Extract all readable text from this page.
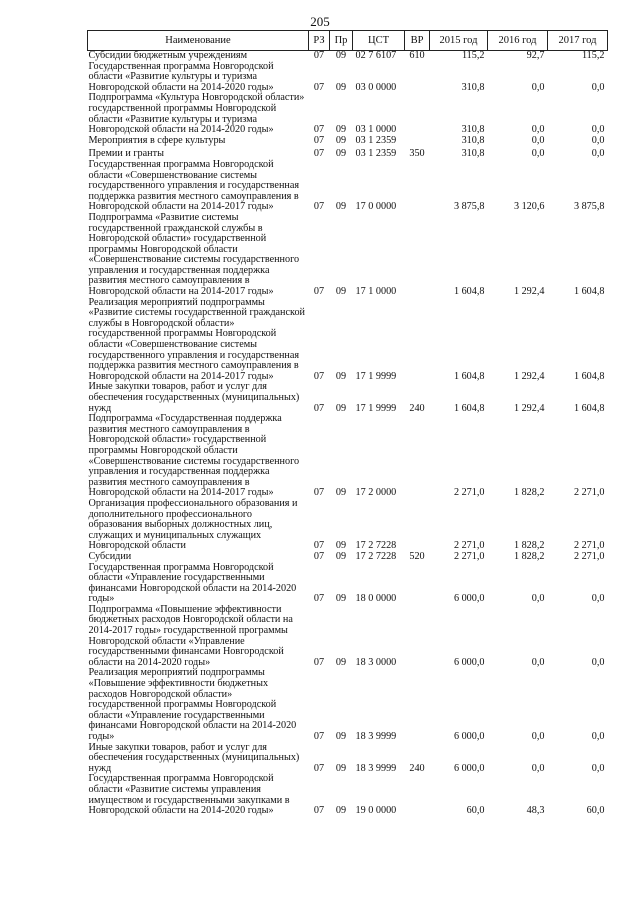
205
Наименование	РЗ	Пр	ЦСТ	ВР	2015 год	2016 год	2017 год
Субсидии бюджетным учреждениям	07	09	02 7 6107	610	115,2	92,7	115,2
Государственная программа Новгородской области «Развитие культуры и туризма Новгородской области на 2014-2020 годы»	07	09	03 0 0000		310,8	0,0	0,0
Подпрограмма «Культура Новгородской области» государственной программы Новгородской области «Развитие культуры и туризма Новгородской области на 2014-2020 годы»	07	09	03 1 0000		310,8	0,0	0,0
Мероприятия в сфере культуры	07	09	03 1 2359		310,8	0,0	0,0
Премии и гранты	07	09	03 1 2359	350	310,8	0,0	0,0
Государственная программа Новгородской области «Совершенствование системы государственного управления и государственная поддержка развития местного самоуправления в Новгородской области на 2014-2017 годы»	07	09	17 0 0000		3 875,8	3 120,6	3 875,8
Подпрограмма «Развитие системы государственной гражданской службы в Новгородской области» государственной программы Новгородской области «Совершенствование системы государственного управления и государственная поддержка развития местного самоуправления в Новгородской области на 2014-2017 годы»	07	09	17 1 0000		1 604,8	1 292,4	1 604,8
Реализация мероприятий подпрограммы «Развитие системы государственной гражданской службы в Новгородской области» государственной программы Новгородской области «Совершенствование системы государственного управления и государственная поддержка развития местного самоуправления в Новгородской области на 2014-2017 годы»	07	09	17 1 9999		1 604,8	1 292,4	1 604,8
Иные закупки товаров, работ и услуг для обеспечения государственных (муниципальных) нужд	07	09	17 1 9999	240	1 604,8	1 292,4	1 604,8
Подпрограмма «Государственная поддержка развития местного самоуправления в Новгородской области» государственной программы Новгородской области «Совершенствование системы государственного управления и государственная поддержка развития местного самоуправления в Новгородской области на 2014-2017 годы»	07	09	17 2 0000		2 271,0	1 828,2	2 271,0
Организация профессионального образования и дополнительного профессионального образования выборных должностных лиц, служащих и муниципальных служащих Новгородской области	07	09	17 2 7228		2 271,0	1 828,2	2 271,0
Субсидии	07	09	17 2 7228	520	2 271,0	1 828,2	2 271,0
Государственная программа Новгородской области «Управление государственными финансами Новгородской области на 2014-2020 годы»	07	09	18 0 0000		6 000,0	0,0	0,0
Подпрограмма «Повышение эффективности бюджетных расходов Новгородской области на 2014-2017 годы» государственной программы Новгородской области «Управление государственными финансами Новгородской области на 2014-2020 годы»	07	09	18 3 0000		6 000,0	0,0	0,0
Реализация мероприятий подпрограммы «Повышение эффективности бюджетных расходов Новгородской области» государственной программы Новгородской области «Управление государственными финансами Новгородской области на 2014-2020 годы»	07	09	18 3 9999		6 000,0	0,0	0,0
Иные закупки товаров, работ и услуг для обеспечения государственных (муниципальных) нужд	07	09	18 3 9999	240	6 000,0	0,0	0,0
Государственная программа Новгородской области «Развитие системы управления имуществом и государственными закупками в Новгородской области на 2014-2020 годы»	07	09	19 0 0000		60,0	48,3	60,0
